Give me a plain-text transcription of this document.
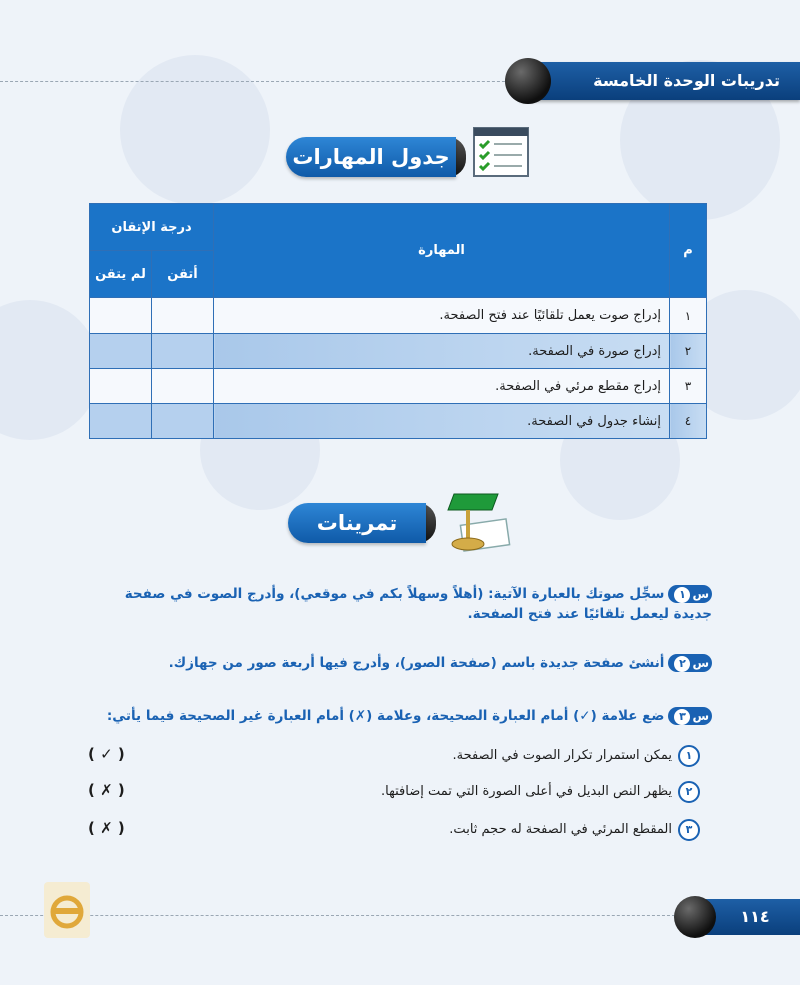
تدريبات الوحدة الخامسة
جدول المهارات
م	المهارة	درجة الإتقان	
		أتقن	لم يتقن
١	إدراج صوت يعمل تلقائيًا عند فتح الصفحة.		
٢	إدراج صورة في الصفحة.		
٣	إدراج مقطع مرئي في الصفحة.		
٤	إنشاء جدول في الصفحة.		
تمرينات
س١سجِّل صوتك بالعبارة الآتية: (أهلاً وسهلاً بكم في موقعي)، وأدرج الصوت في صفحة جديدة ليعمل تلقائيًا عند فتح الصفحة.
س٢أنشئ صفحة جديدة باسم (صفحة الصور)، وأدرج فيها أربعة صور من جهازك.
س٣ضع علامة (✓) أمام العبارة الصحيحة، وعلامة (✗) أمام العبارة غير الصحيحة فيما يأتي:
١يمكن استمرار تكرار الصوت في الصفحة.
( ✓ )
٢يظهر النص البديل في أعلى الصورة التي تمت إضافتها.
( ✗ )
٣المقطع المرئي في الصفحة له حجم ثابت.
( ✗ )
١١٤
